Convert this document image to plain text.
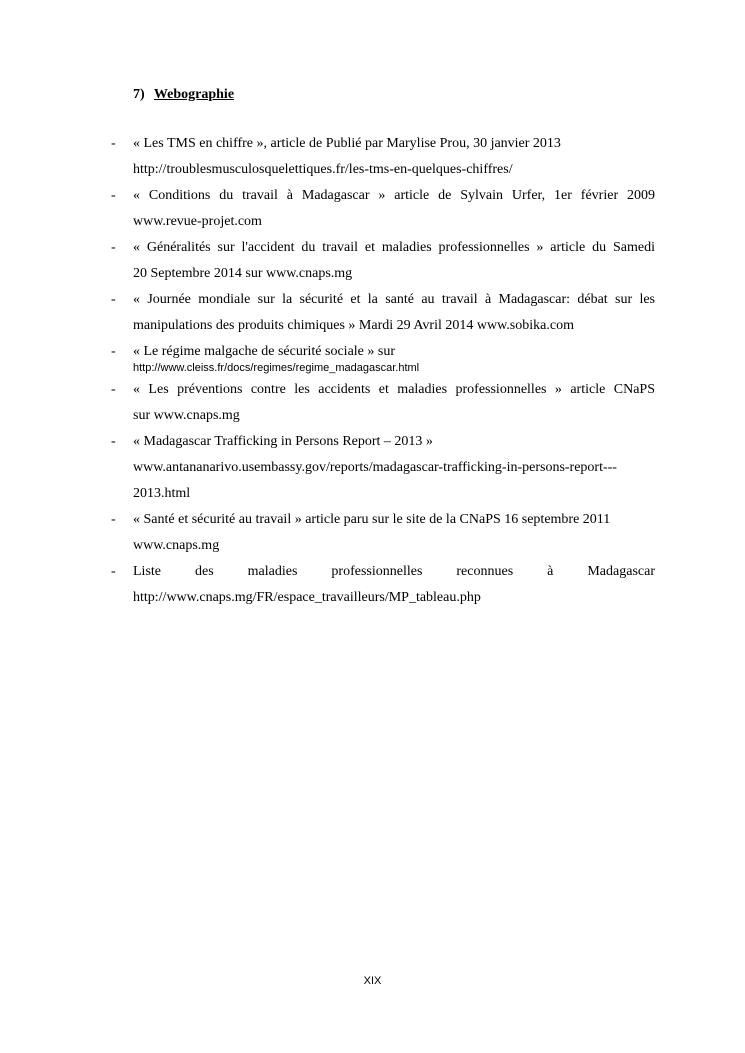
7) Webographie
- « Les TMS en chiffre », article de Publié par Marylise Prou, 30 janvier 2013
http://troublesmusculosquelettiques.fr/les-tms-en-quelques-chiffres/
- « Conditions du travail à Madagascar » article de Sylvain Urfer, 1er février 2009
www.revue-projet.com
- « Généralités sur l'accident du travail et maladies professionnelles » article du Samedi
20 Septembre 2014 sur www.cnaps.mg
- « Journée mondiale sur la sécurité et la santé au travail à Madagascar: débat sur les
manipulations des produits chimiques » Mardi 29 Avril 2014 www.sobika.com
- « Le régime malgache de sécurité sociale » sur
http://www.cleiss.fr/docs/regimes/regime_madagascar.html
- « Les préventions contre les accidents et maladies professionnelles » article CNaPS
sur www.cnaps.mg
- « Madagascar Trafficking in Persons Report – 2013 »
www.antananarivo.usembassy.gov/reports/madagascar-trafficking-in-persons-report---
2013.html
- « Santé et sécurité au travail » article paru sur le site de la CNaPS 16 septembre 2011
www.cnaps.mg
- Liste des maladies professionnelles reconnues à Madagascar
http://www.cnaps.mg/FR/espace_travailleurs/MP_tableau.php
XIX
